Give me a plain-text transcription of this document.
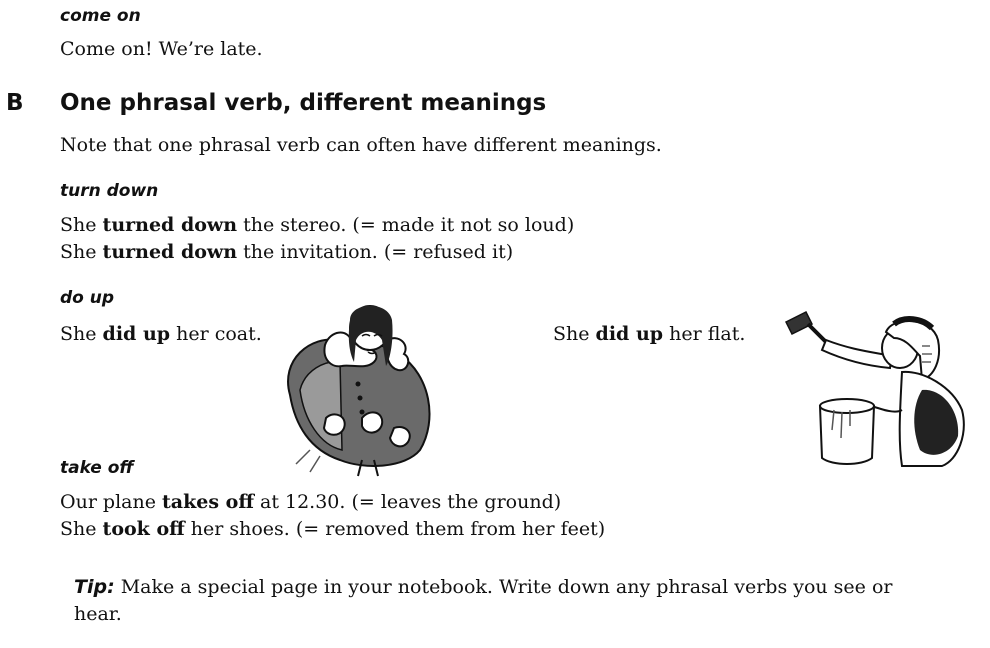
come on
Come on! We’re late.
B One phrasal verb, different meanings
Note that one phrasal verb can often have different meanings.
turn down
She turned down the stereo. (= made it not so loud)
She turned down the invitation. (= refused it)
do up
She did up her coat.	She did up her flat.
take off
Our plane takes off at 12.30. (= leaves the ground)
She took off her shoes. (= removed them from her feet)
Tip: Make a special page in your notebook. Write down any phrasal verbs you see or
hear.
